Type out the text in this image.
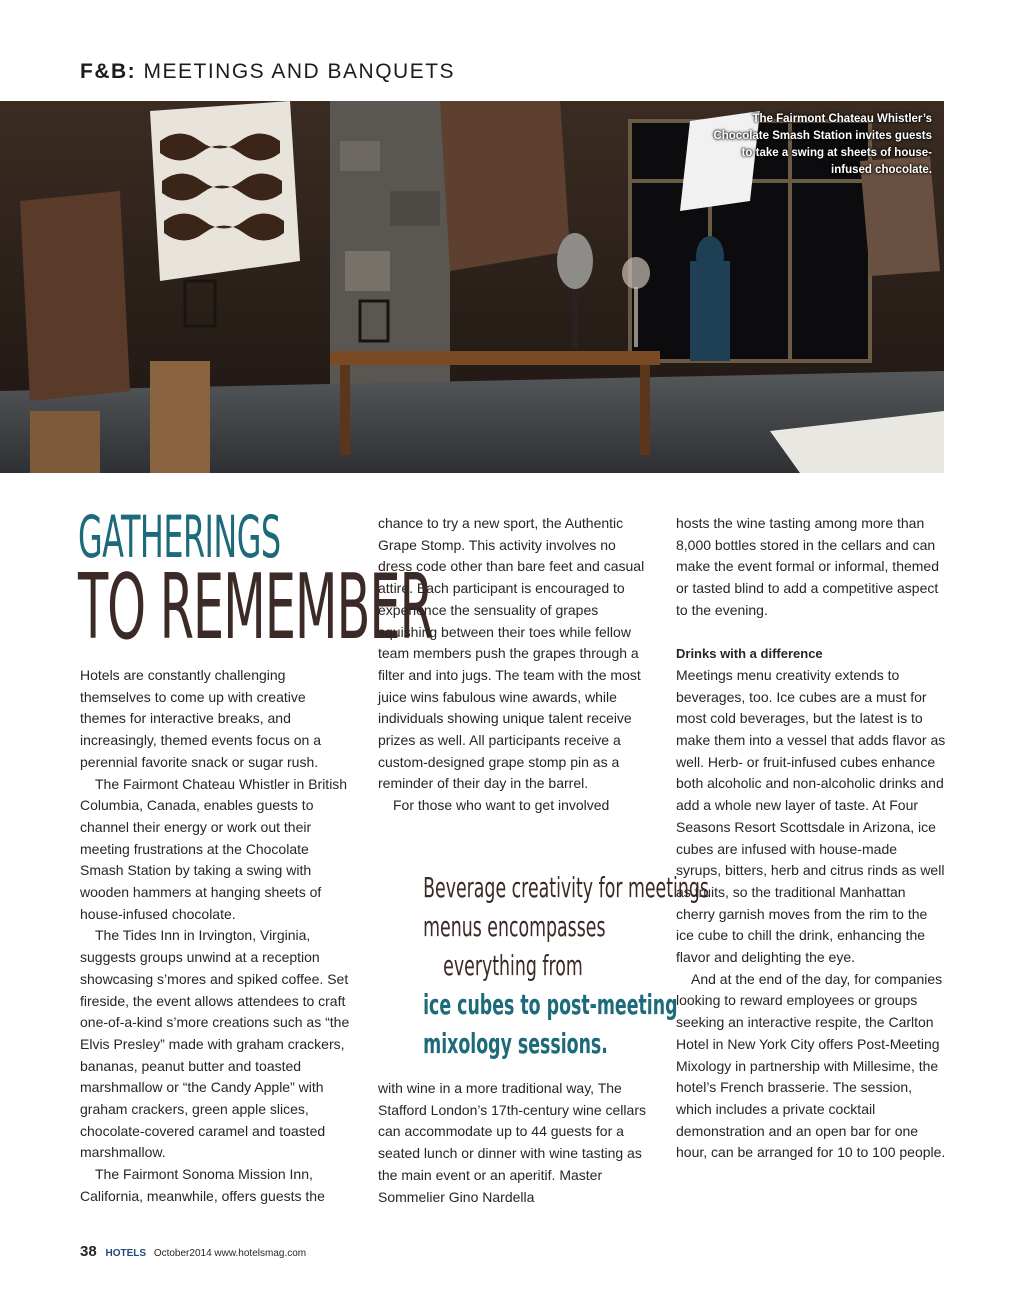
F&B: MEETINGS AND BANQUETS
The Fairmont Chateau Whistler’s Chocolate Smash Station invites guests to take a swing at sheets of house-infused chocolate.
GATHERINGS
TO REMEMBER

Hotels are constantly challenging themselves to come up with creative themes for interactive breaks, and increasingly, themed events focus on a perennial favorite snack or sugar rush.

The Fairmont Chateau Whistler in British Columbia, Canada, enables guests to channel their energy or work out their meeting frustrations at the Chocolate Smash Station by taking a swing with wooden hammers at hanging sheets of house-infused chocolate.

The Tides Inn in Irvington, Virginia, suggests groups unwind at a reception showcasing s’mores and spiked coffee. Set fireside, the event allows attendees to craft one-of-a-kind s’more creations such as “the Elvis Presley” made with graham crackers, bananas, peanut butter and toasted marshmallow or “the Candy Apple” with graham crackers, green apple slices, chocolate-covered caramel and toasted marshmallow.

The Fairmont Sonoma Mission Inn, California, meanwhile, offers guests the

chance to try a new sport, the Authentic Grape Stomp. This activity involves no dress code other than bare feet and casual attire. Each participant is encouraged to experience the sensuality of grapes squishing between their toes while fellow team members push the grapes through a filter and into jugs. The team with the most juice wins fabulous wine awards, while individuals showing unique talent receive prizes as well. All participants receive a custom-designed grape stomp pin as a reminder of their day in the barrel.

For those who want to get involved

Beverage creativity for meetings
menus encompasses
everything from
ice cubes to post-meeting
mixology sessions.

with wine in a more traditional way, The Stafford London’s 17th-century wine cellars can accommodate up to 44 guests for a seated lunch or dinner with wine tasting as the main event or an aperitif. Master Sommelier Gino Nardella

hosts the wine tasting among more than 8,000 bottles stored in the cellars and can make the event formal or informal, themed or tasted blind to add a competitive aspect to the evening.

Drinks with a difference

Meetings menu creativity extends to beverages, too. Ice cubes are a must for most cold beverages, but the latest is to make them into a vessel that adds flavor as well. Herb- or fruit-infused cubes enhance both alcoholic and non-alcoholic drinks and add a whole new layer of taste. At Four Seasons Resort Scottsdale in Arizona, ice cubes are infused with house-made syrups, bitters, herb and citrus rinds as well as fruits, so the traditional Manhattan cherry garnish moves from the rim to the ice cube to chill the drink, enhancing the flavor and delighting the eye.

And at the end of the day, for companies looking to reward employees or groups seeking an interactive respite, the Carlton Hotel in New York City offers Post-Meeting Mixology in partnership with Millesime, the hotel’s French brasserie. The session, which includes a private cocktail demonstration and an open bar for one hour, can be arranged for 10 to 100 people.

38 HOTELS October2014 www.hotelsmag.com
